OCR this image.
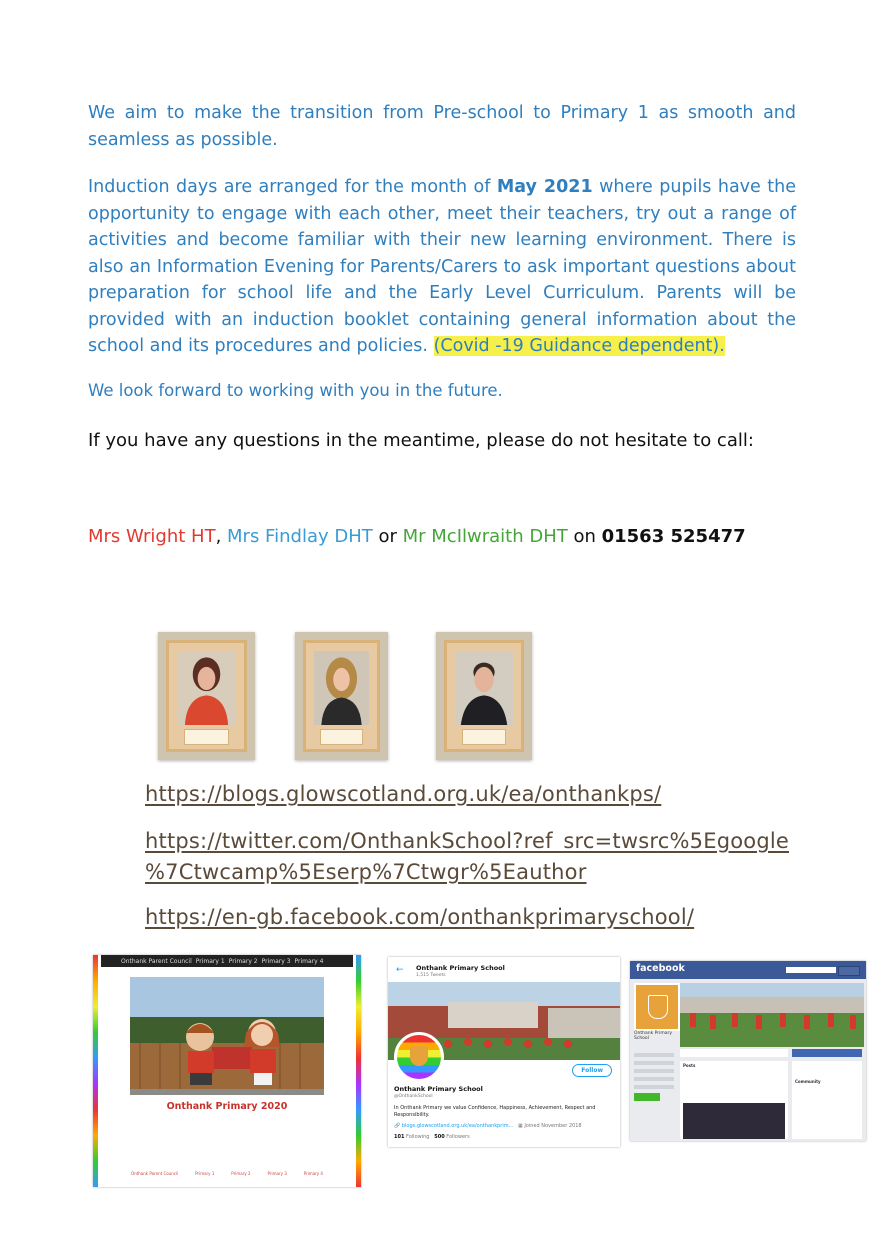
We aim to make the transition from Pre-school to Primary 1 as smooth and seamless as possible.

Induction days are arranged for the month of May 2021 where pupils have the opportunity to engage with each other, meet their teachers, try out a range of activities and become familiar with their new learning environment. There is also an Information Evening for Parents/Carers to ask important questions about preparation for school life and the Early Level Curriculum. Parents will be provided with an induction booklet containing general information about the school and its procedures and policies. (Covid -19 Guidance dependent).

We look forward to working with you in the future.

If you have any questions in the meantime, please do not hesitate to call:

Mrs Wright HT, Mrs Findlay DHT or Mr McIlwraith DHT on 01563 525477
https://blogs.glowscotland.org.uk/ea/onthankps/
https://twitter.com/OnthankSchool?ref_src=twsrc%5Egoogle
%7Ctwcamp%5Eserp%7Ctwgr%5Eauthor
https://en-gb.facebook.com/onthankprimaryschool/
Onthank Parent Council Primary 1 Primary 2 Primary 3 Primary 4
Onthank Primary 2020
Onthank Parent Council	Primary 1	Primary 2	Primary 3	Primary 4
← Onthank Primary School
1,515 Tweets
Follow
Onthank Primary School
@OnthankSchool
In Onthank Primary we value Confidence, Happiness, Achievement, Respect and Responsibility.
🔗 blogs.glowscotland.org.uk/ea/onthankprim... ▦ Joined November 2018
101 Following 500 Followers
facebook
Onthank Primary School
Posts
Community
